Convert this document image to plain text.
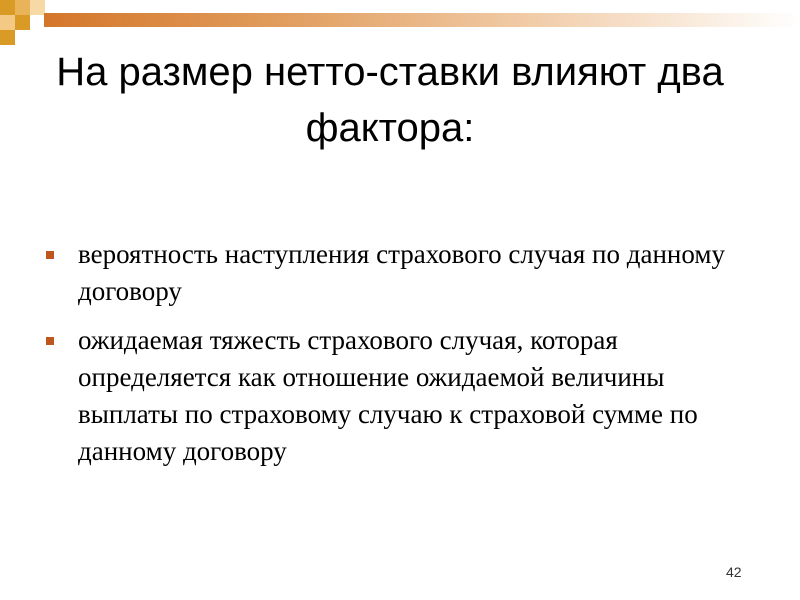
На размер нетто-ставки влияют два фактора:
вероятность наступления страхового случая по данному договору
ожидаемая тяжесть страхового случая, которая определяется как отношение ожидаемой величины выплаты по страховому случаю к страховой сумме по данному договору
42
